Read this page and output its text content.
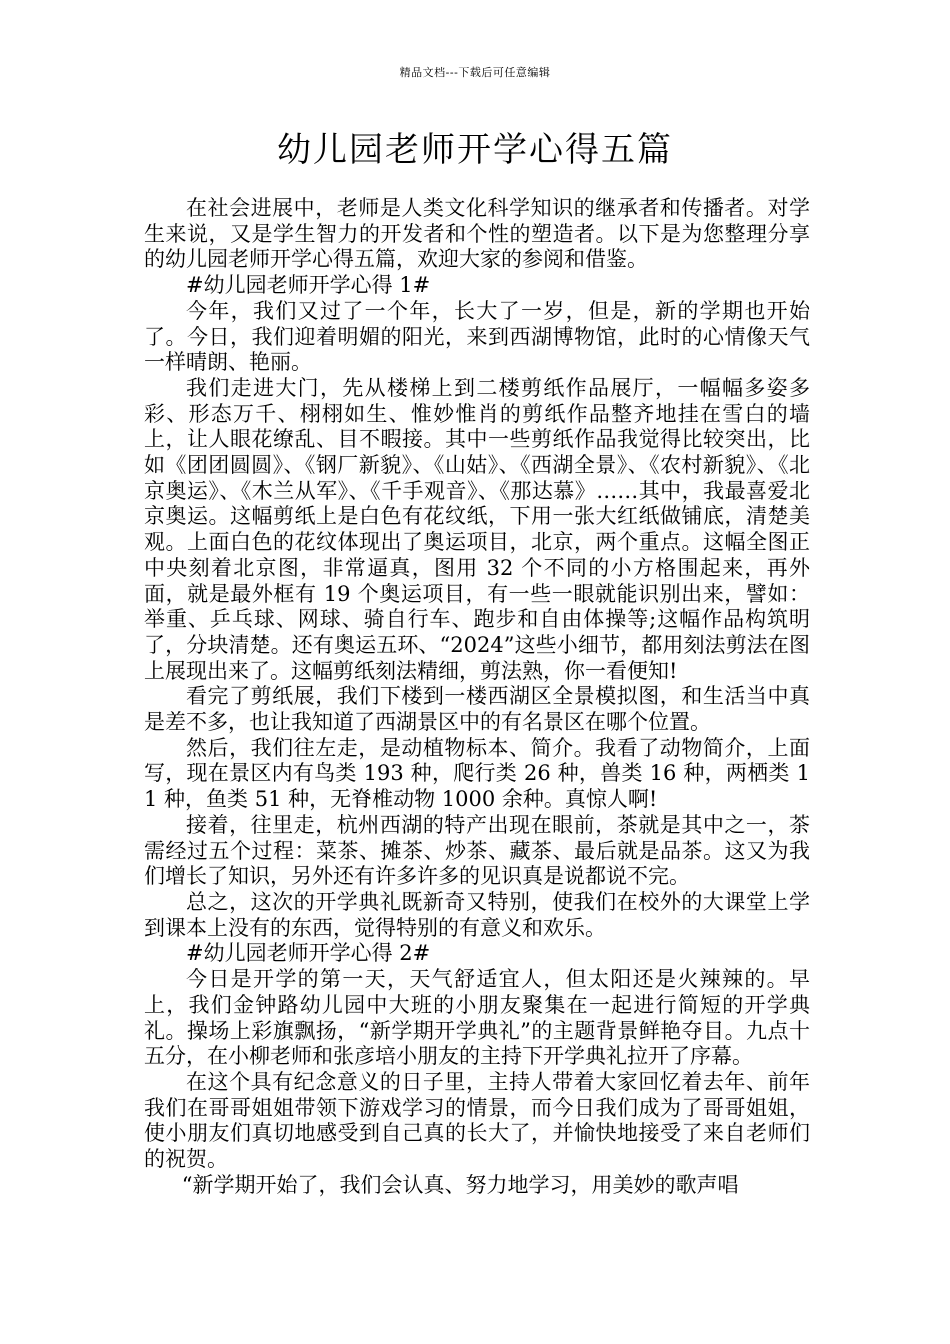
精品文档---下载后可任意编辑
幼儿园老师开学心得五篇

在社会进展中，老师是人类文化科学知识的继承者和传播者。对学生来说，又是学生智力的开发者和个性的塑造者。以下是为您整理分享的幼儿园老师开学心得五篇，欢迎大家的参阅和借鉴。

#幼儿园老师开学心得 1#

今年，我们又过了一个年，长大了一岁，但是，新的学期也开始了。今日，我们迎着明媚的阳光，来到西湖博物馆，此时的心情像天气一样晴朗、艳丽。

我们走进大门，先从楼梯上到二楼剪纸作品展厅，一幅幅多姿多彩、形态万千、栩栩如生、惟妙惟肖的剪纸作品整齐地挂在雪白的墙上，让人眼花缭乱、目不暇接。其中一些剪纸作品我觉得比较突出，比如《团团圆圆》、《钢厂新貌》、《山姑》、《西湖全景》、《农村新貌》、《北京奥运》、《木兰从军》、《千手观音》、《那达慕》……其中，我最喜爱北京奥运。这幅剪纸上是白色有花纹纸，下用一张大红纸做铺底，清楚美观。上面白色的花纹体现出了奥运项目，北京，两个重点。这幅全图正中央刻着北京图，非常逼真，图用 32 个不同的小方格围起来，再外面，就是最外框有 19 个奥运项目，有一些一眼就能识别出来，譬如：举重、乒乓球、网球、骑自行车、跑步和自由体操等;这幅作品构筑明了，分块清楚。还有奥运五环、“2024”这些小细节，都用刻法剪法在图上展现出来了。这幅剪纸刻法精细，剪法熟，你一看便知!

看完了剪纸展，我们下楼到一楼西湖区全景模拟图，和生活当中真是差不多，也让我知道了西湖景区中的有名景区在哪个位置。

然后，我们往左走，是动植物标本、简介。我看了动物简介，上面写，现在景区内有鸟类 193 种，爬行类 26 种，兽类 16 种，两栖类 11 种，鱼类 51 种，无脊椎动物 1000 余种。真惊人啊!

接着，往里走，杭州西湖的特产出现在眼前，茶就是其中之一，茶需经过五个过程：菜茶、摊茶、炒茶、藏茶、最后就是品茶。这又为我们增长了知识，另外还有许多许多的见识真是说都说不完。

总之，这次的开学典礼既新奇又特别，使我们在校外的大课堂上学到课本上没有的东西，觉得特别的有意义和欢乐。

#幼儿园老师开学心得 2#

今日是开学的第一天，天气舒适宜人，但太阳还是火辣辣的。早上，我们金钟路幼儿园中大班的小朋友聚集在一起进行简短的开学典礼。操场上彩旗飘扬，“新学期开学典礼”的主题背景鲜艳夺目。九点十五分，在小柳老师和张彦培小朋友的主持下开学典礼拉开了序幕。

在这个具有纪念意义的日子里，主持人带着大家回忆着去年、前年我们在哥哥姐姐带领下游戏学习的情景，而今日我们成为了哥哥姐姐，使小朋友们真切地感受到自己真的长大了，并愉快地接受了来自老师们的祝贺。

“新学期开始了，我们会认真、努力地学习，用美妙的歌声唱
